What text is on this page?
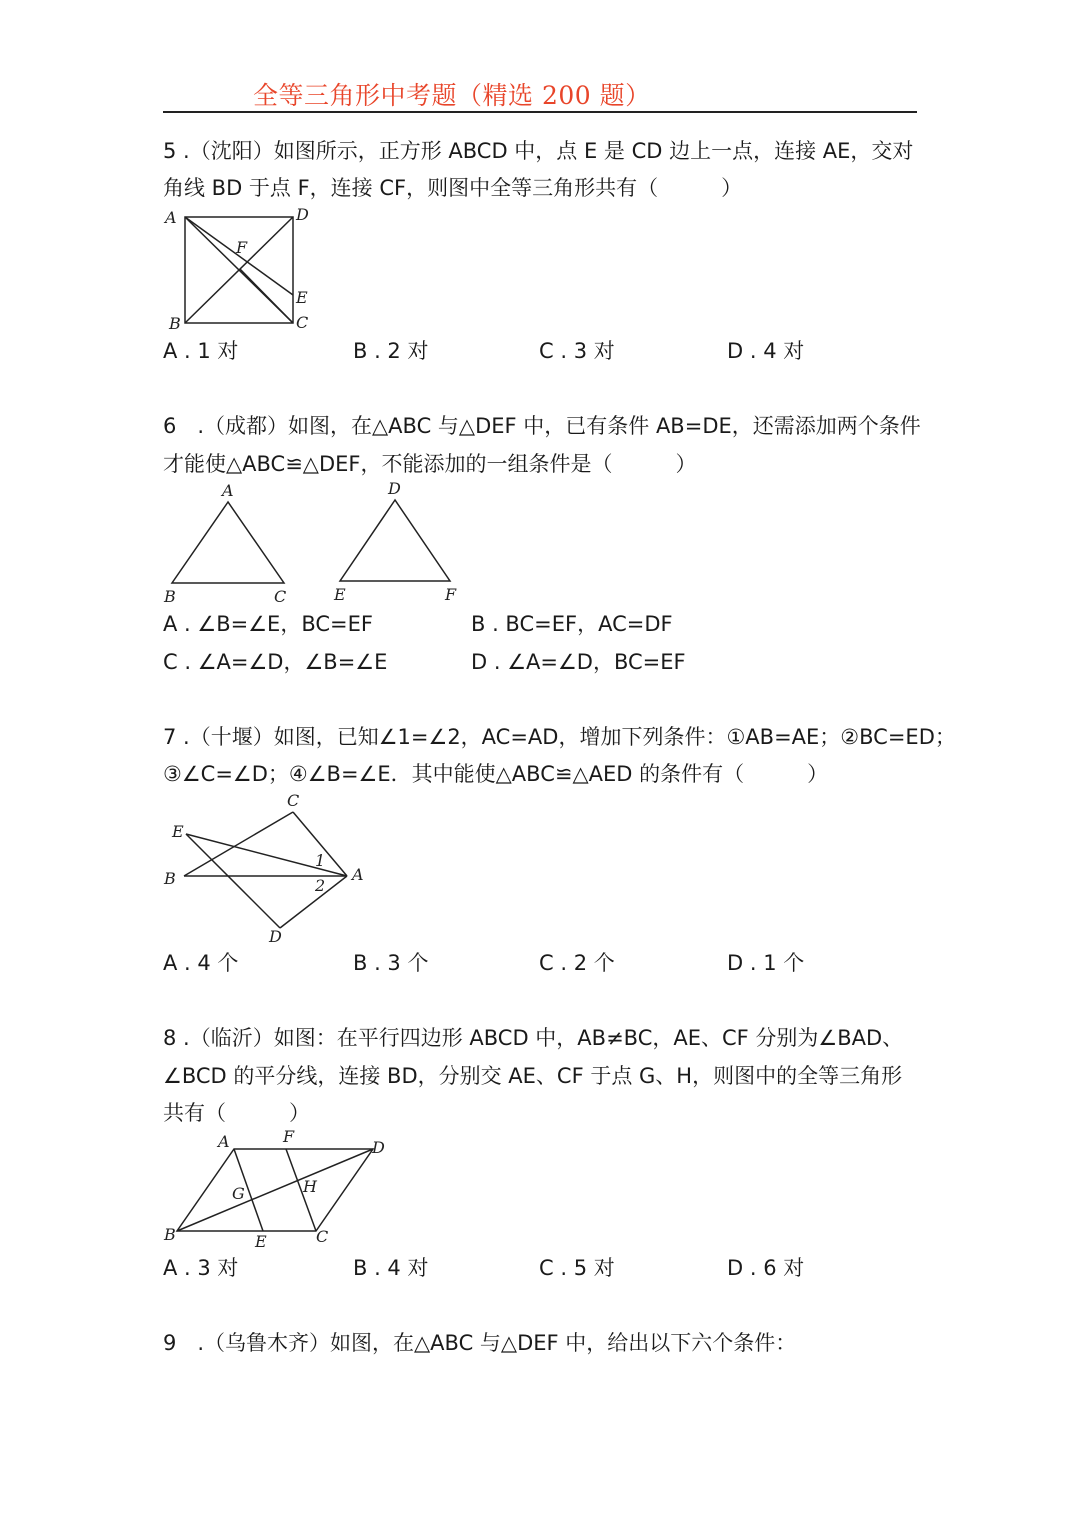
全等三角形中考题（精选 200 题）
5 .（沈阳）如图所示，正方形 ABCD 中，点 E 是 CD 边上一点，连接 AE，交对
角线 BD 于点 F，连接 CF，则图中全等三角形共有（　　　）
A	D
F
E
B	C
A . 1 对	B . 2 对	C . 3 对	D . 4 对
6　.（成都）如图，在△ABC 与△DEF 中，已有条件 AB=DE，还需添加两个条件
才能使△ABC≌△DEF，不能添加的一组条件是（　　　）
A
B	C
D
E	F
A . ∠B=∠E，BC=EF	B . BC=EF，AC=DF
C . ∠A=∠D，∠B=∠E	D . ∠A=∠D，BC=EF
7 .（十堰）如图，已知∠1=∠2，AC=AD，增加下列条件：①AB=AE；②BC=ED；
③∠C=∠D；④∠B=∠E．其中能使△ABC≌△AED 的条件有（　　　）
C
E
B	A
D
1
2
A . 4 个	B . 3 个	C . 2 个	D . 1 个
8 .（临沂）如图：在平行四边形 ABCD 中，AB≠BC，AE、CF 分别为∠BAD、
∠BCD 的平分线，连接 BD，分别交 AE、CF 于点 G、H，则图中的全等三角形
共有（　　　）
A	F
D
G	H
B	E	C
A . 3 对	B . 4 对	C . 5 对	D . 6 对
9　.（乌鲁木齐）如图，在△ABC 与△DEF 中，给出以下六个条件：
